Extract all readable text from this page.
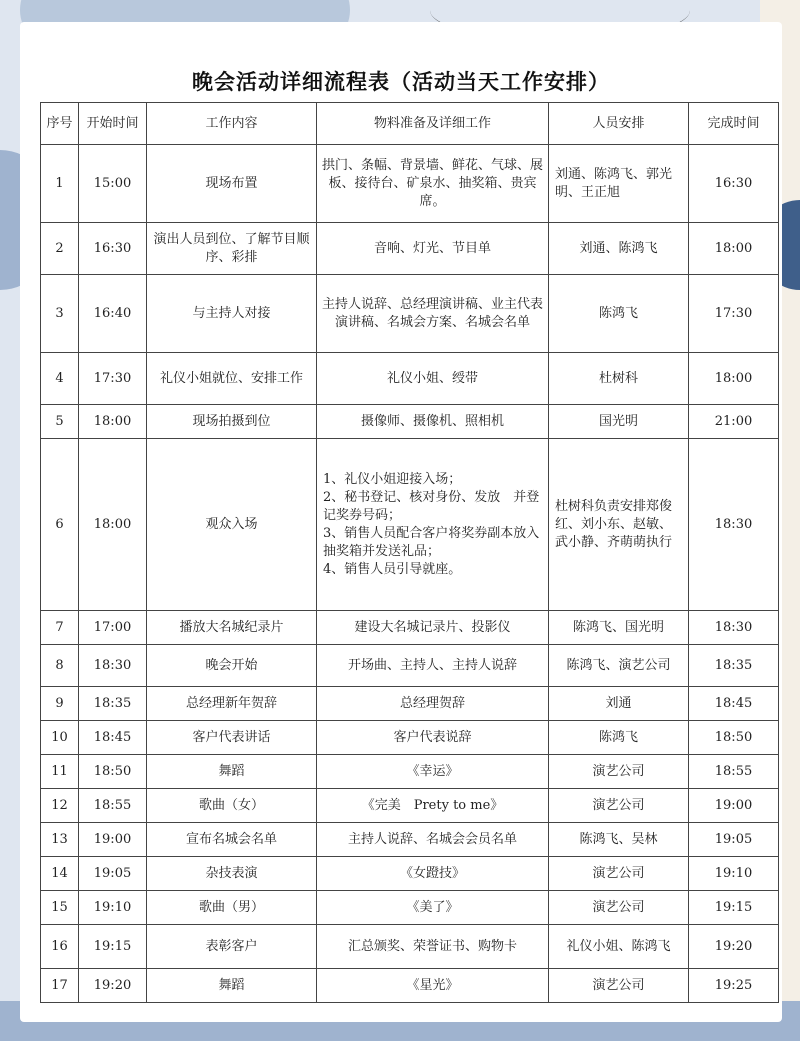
晚会活动详细流程表（活动当天工作安排）
序号	开始时间	工作内容	物料准备及详细工作	人员安排	完成时间
1	15:00	现场布置	拱门、条幅、背景墙、鲜花、气球、展板、接待台、矿泉水、抽奖箱、贵宾席。	刘通、陈鸿飞、郭光明、王正旭	16:30
2	16:30	演出人员到位、了解节目顺序、彩排	音响、灯光、节目单	刘通、陈鸿飞	18:00
3	16:40	与主持人对接	主持人说辞、总经理演讲稿、业主代表演讲稿、名城会方案、名城会名单	陈鸿飞	17:30
4	17:30	礼仪小姐就位、安排工作	礼仪小姐、绶带	杜树科	18:00
5	18:00	现场拍摄到位	摄像师、摄像机、照相机	国光明	21:00
6	18:00	观众入场	1、礼仪小姐迎接入场；
2、秘书登记、核对身份、发放　并登记奖券号码；
3、销售人员配合客户将奖券副本放入抽奖箱并发送礼品；
4、销售人员引导就座。	杜树科负责安排郑俊红、刘小东、赵敏、武小静、齐萌萌执行	18:30
7	17:00	播放大名城纪录片	建设大名城记录片、投影仪	陈鸿飞、国光明	18:30
8	18:30	晚会开始	开场曲、主持人、主持人说辞	陈鸿飞、演艺公司	18:35
9	18:35	总经理新年贺辞	总经理贺辞	刘通	18:45
10	18:45	客户代表讲话	客户代表说辞	陈鸿飞	18:50
11	18:50	舞蹈	《幸运》	演艺公司	18:55
12	18:55	歌曲（女）	《完美　Prety to me》	演艺公司	19:00
13	19:00	宣布名城会名单	主持人说辞、名城会会员名单	陈鸿飞、吴林	19:05
14	19:05	杂技表演	《女蹬技》	演艺公司	19:10
15	19:10	歌曲（男）	《美了》	演艺公司	19:15
16	19:15	表彰客户	汇总颁奖、荣誉证书、购物卡	礼仪小姐、陈鸿飞	19:20
17	19:20	舞蹈	《星光》	演艺公司	19:25
